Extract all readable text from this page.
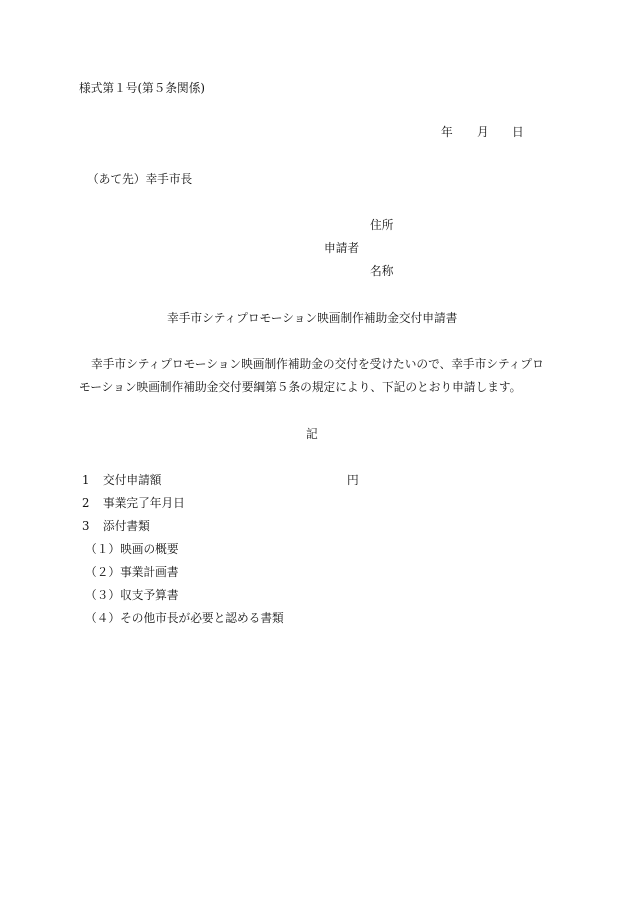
様式第１号(第５条関係)
年 月 日
（あて先）幸手市長
住所
申請者
名称
幸手市シティプロモーション映画制作補助金交付申請書
幸手市シティプロモーション映画制作補助金の交付を受けたいので、幸手市シティプロ
モーション映画制作補助金交付要綱第５条の規定により、下記のとおり申請します。
記
1 交付申請額	円
2 事業完了年月日
3 添付書類
（１）映画の概要
（２）事業計画書
（３）収支予算書
（４）その他市長が必要と認める書類
